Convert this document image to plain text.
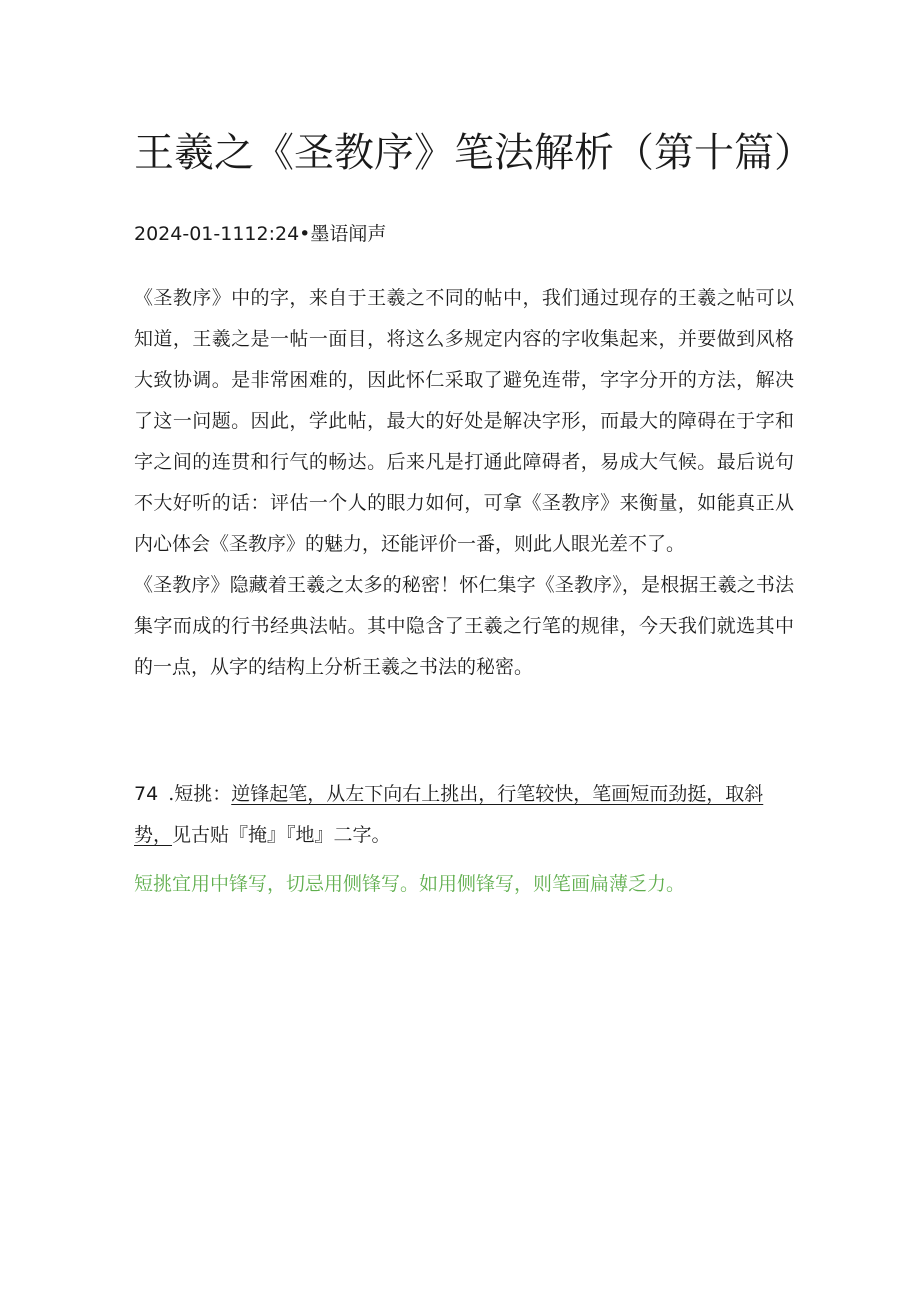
王羲之《圣教序》笔法解析（第十篇）
2024-01-1112:24•墨语闻声

《圣教序》中的字，来自于王羲之不同的帖中，我们通过现存的王羲之帖可以知道，王羲之是一帖一面目，将这么多规定内容的字收集起来，并要做到风格大致协调。是非常困难的，因此怀仁采取了避免连带，字字分开的方法，解决了这一问题。因此，学此帖，最大的好处是解决字形，而最大的障碍在于字和字之间的连贯和行气的畅达。后来凡是打通此障碍者，易成大气候。最后说句不大好听的话：评估一个人的眼力如何，可拿《圣教序》来衡量，如能真正从内心体会《圣教序》的魅力，还能评价一番，则此人眼光差不了。

《圣教序》隐藏着王羲之太多的秘密！怀仁集字《圣教序》，是根据王羲之书法集字而成的行书经典法帖。其中隐含了王羲之行笔的规律，今天我们就选其中的一点，从字的结构上分析王羲之书法的秘密。

74 .短挑：逆锋起笔，从左下向右上挑出，行笔较快，笔画短而劲挺，取斜势，见古贴『掩』『地』二字。
短挑宜用中锋写，切忌用侧锋写。如用侧锋写，则笔画扁薄乏力。
